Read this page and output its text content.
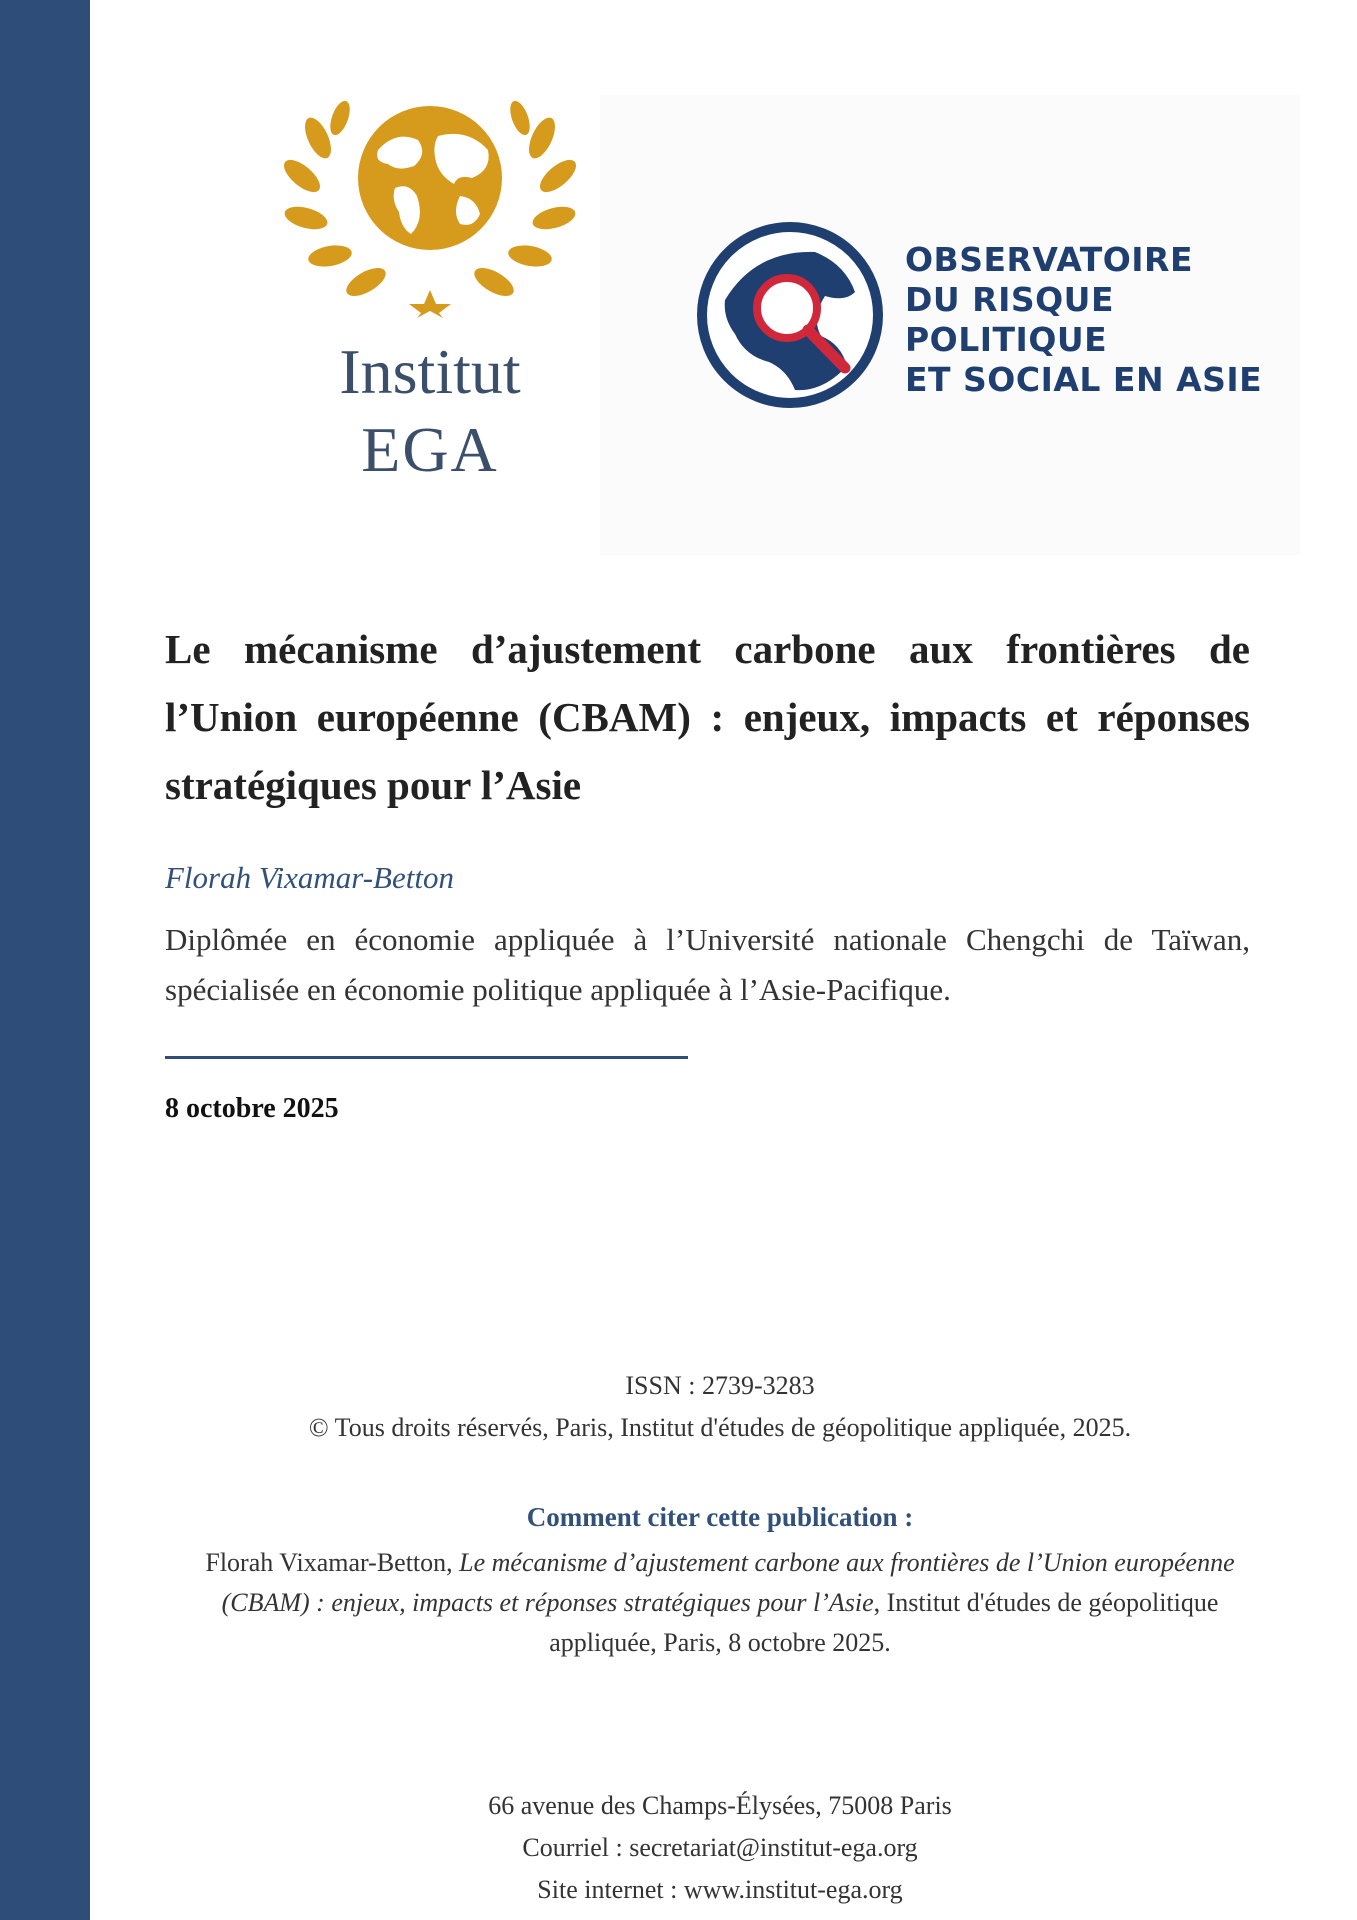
Institut
EGA
OBSERVATOIRE
DU RISQUE
POLITIQUE
ET SOCIAL EN ASIE
Le mécanisme d’ajustement carbone aux frontières de l’Union européenne (CBAM) : enjeux, impacts et réponses stratégiques pour l’Asie
Florah Vixamar-Betton

Diplômée en économie appliquée à l’Université nationale Chengchi de Taïwan, spécialisée en économie politique appliquée à l’Asie-Pacifique.

8 octobre 2025
ISSN : 2739-3283
© Tous droits réservés, Paris, Institut d'études de géopolitique appliquée, 2025.
Comment citer cette publication :
Florah Vixamar-Betton, Le mécanisme d’ajustement carbone aux frontières de l’Union européenne
(CBAM) : enjeux, impacts et réponses stratégiques pour l’Asie, Institut d'études de géopolitique
appliquée, Paris, 8 octobre 2025.
66 avenue des Champs-Élysées, 75008 Paris
Courriel : secretariat@institut-ega.org
Site internet : www.institut-ega.org
